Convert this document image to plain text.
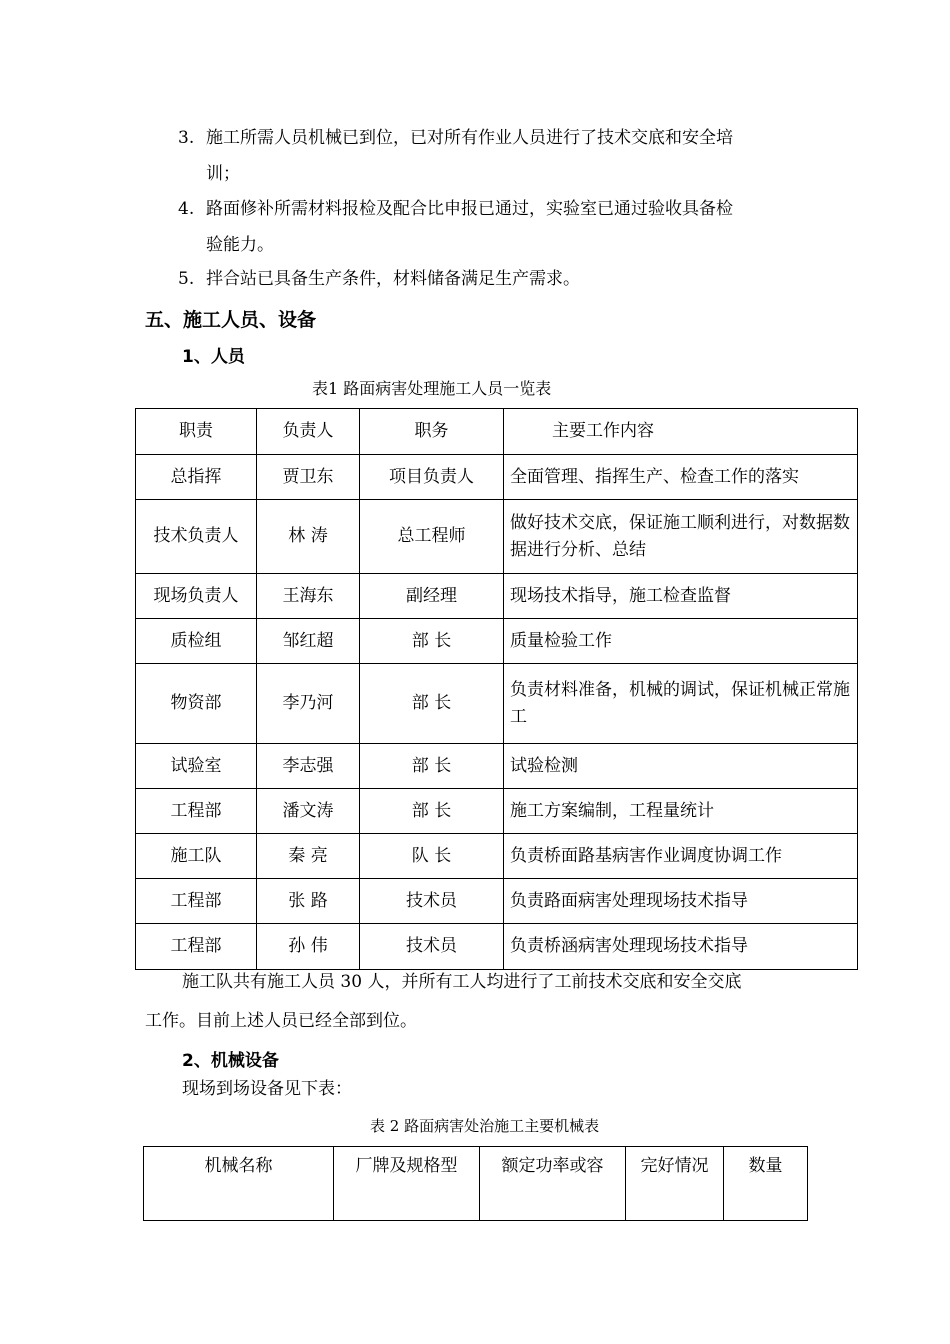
3. 施工所需人员机械已到位，已对所有作业人员进行了技术交底和安全培
训；
4. 路面修补所需材料报检及配合比申报已通过，实验室已通过验收具备检
验能力。
5. 拌合站已具备生产条件，材料储备满足生产需求。
五、施工人员、设备
1、人员
表1 路面病害处理施工人员一览表
职责	负责人	职务	主要工作内容
总指挥	贾卫东	项目负责人	全面管理、指挥生产、检查工作的落实
技术负责人	林 涛	总工程师	做好技术交底，保证施工顺利进行，对数据数据进行分析、总结
现场负责人	王海东	副经理	现场技术指导，施工检查监督
质检组	邹红超	部 长	质量检验工作
物资部	李乃河	部 长	负责材料准备，机械的调试，保证机械正常施工
试验室	李志强	部 长	试验检测
工程部	潘文涛	部 长	施工方案编制，工程量统计
施工队	秦 亮	队 长	负责桥面路基病害作业调度协调工作
工程部	张 路	技术员	负责路面病害处理现场技术指导
工程部	孙 伟	技术员	负责桥涵病害处理现场技术指导
施工队共有施工人员 30 人，并所有工人均进行了工前技术交底和安全交底
工作。目前上述人员已经全部到位。
2、机械设备
现场到场设备见下表：
表 2 路面病害处治施工主要机械表
机械名称	厂牌及规格型	额定功率或容	完好情况	数量
